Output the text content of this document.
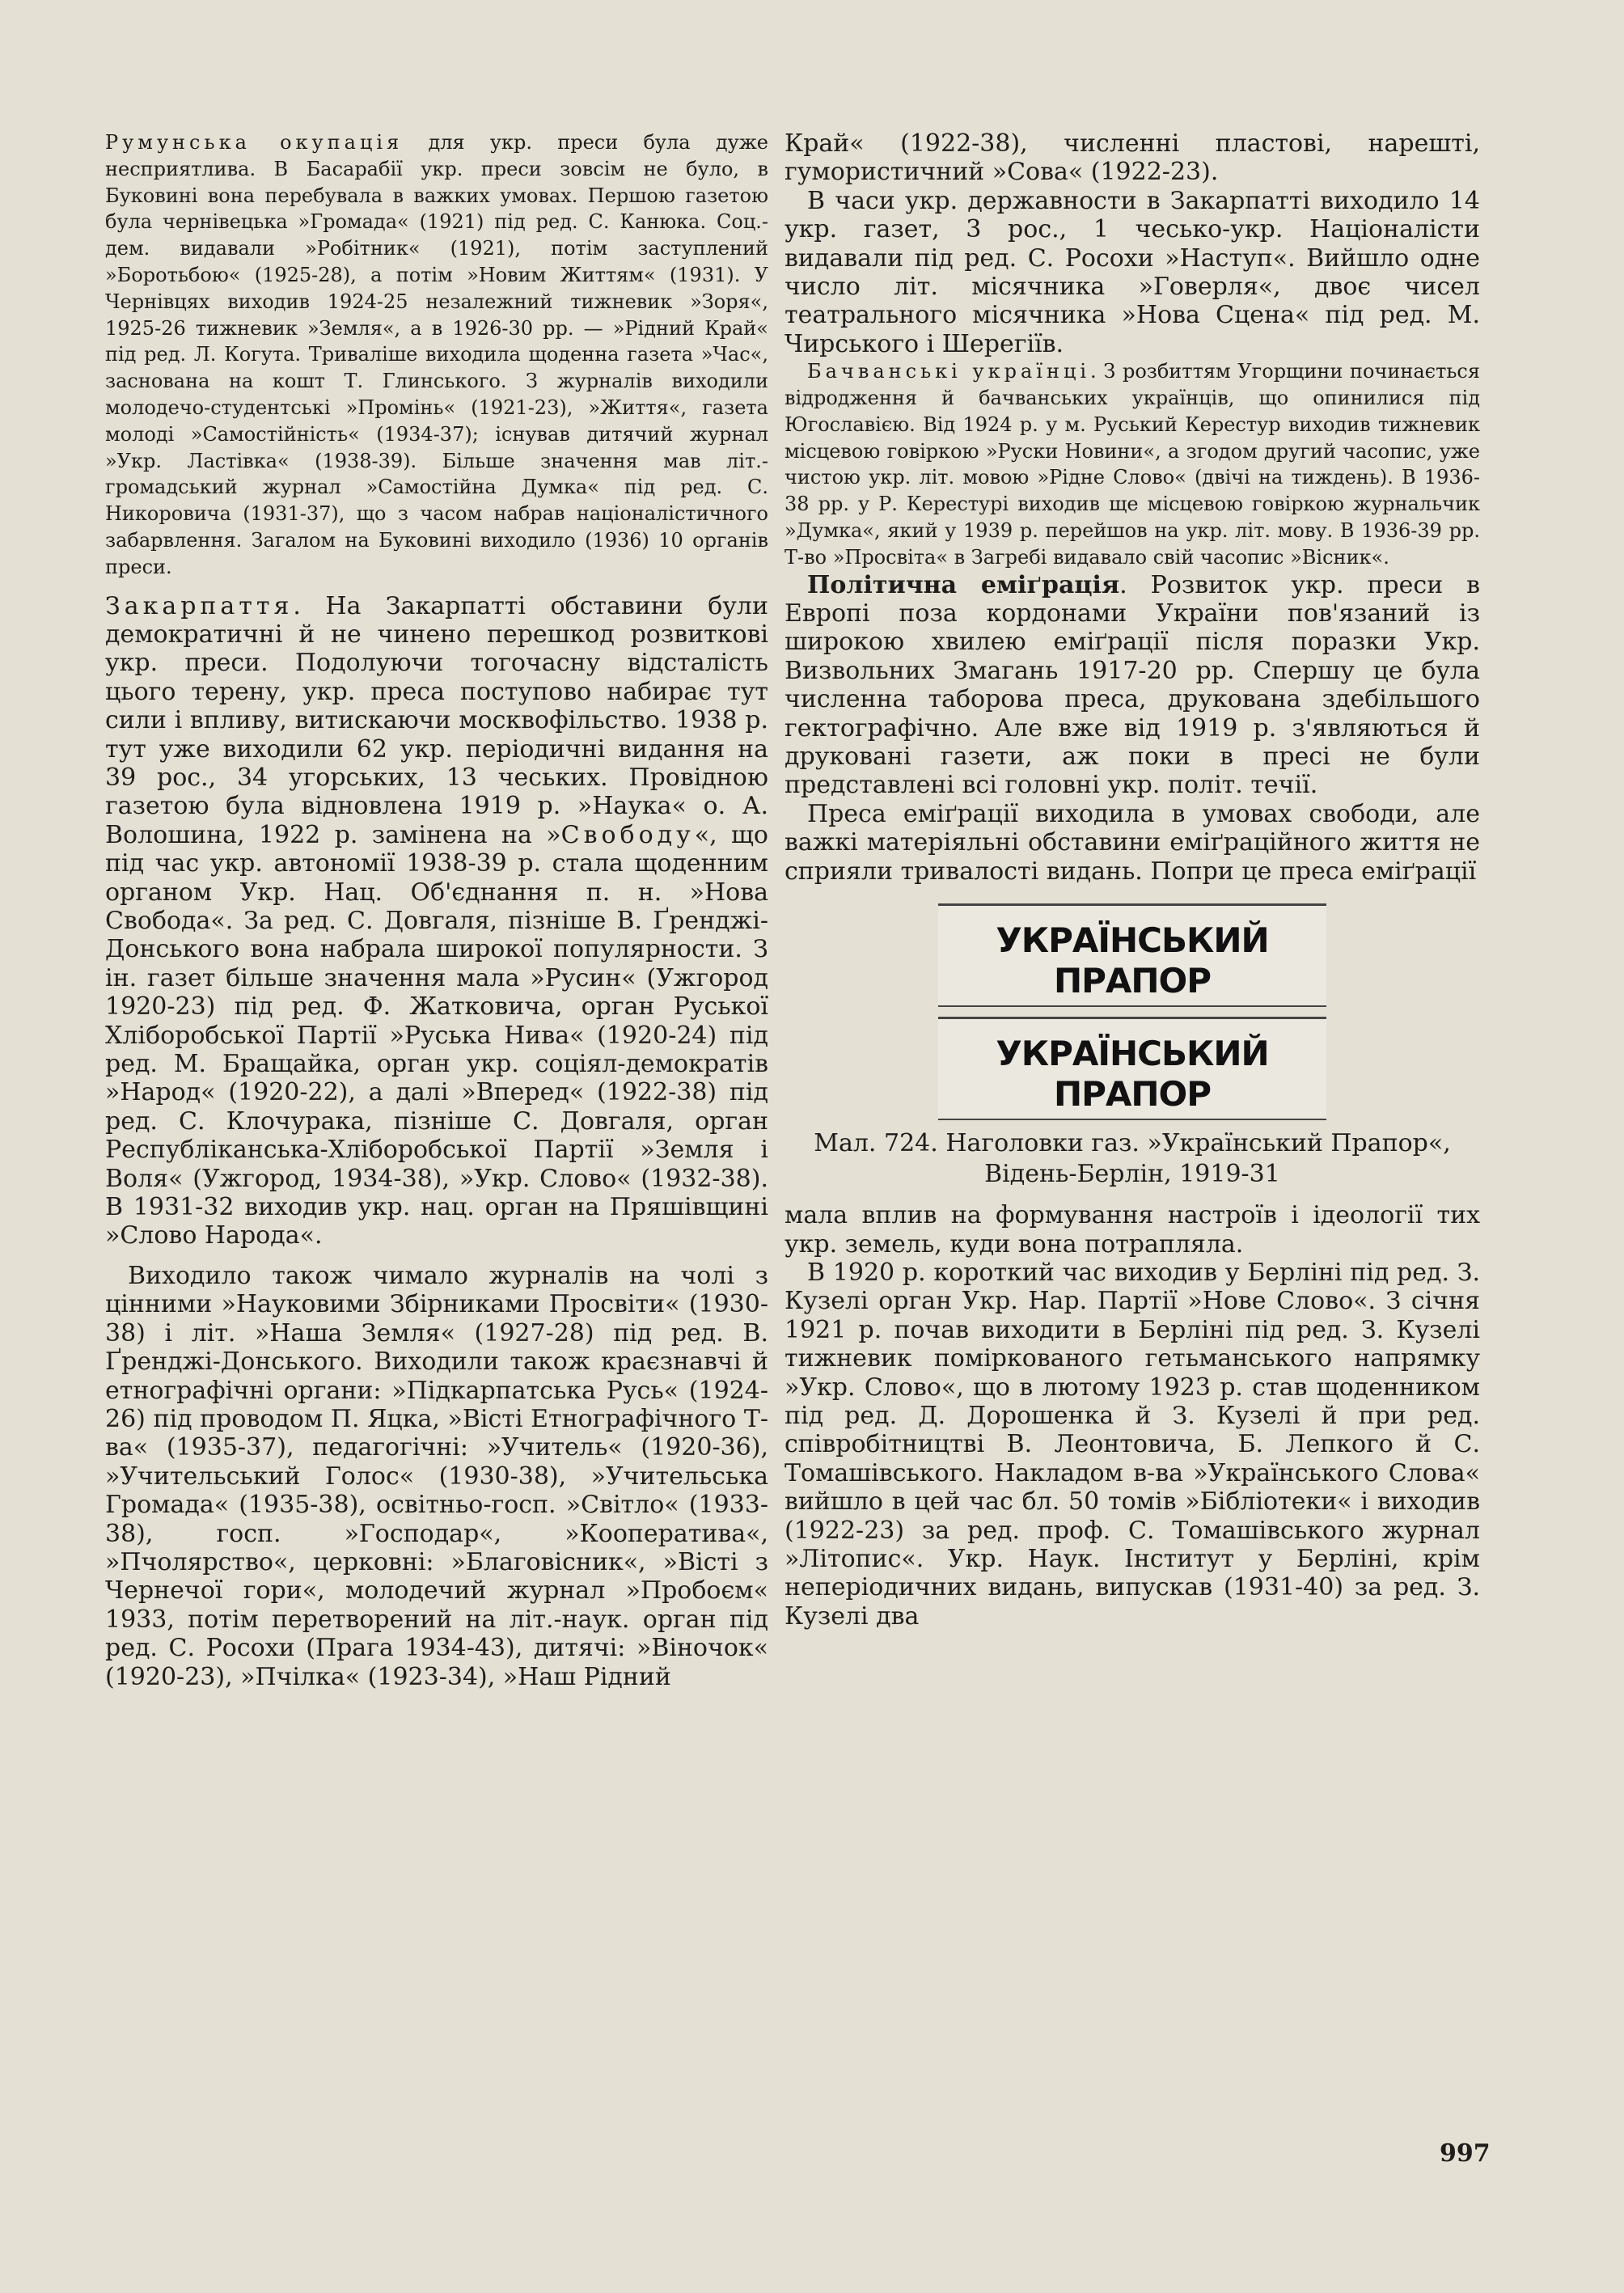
Румунська окупація для укр. преси була дуже несприятлива. В Басарабії укр. преси зовсім не було, в Буковині вона перебувала в важких умовах. Першою газетою була чернівецька »Громада« (1921) під ред. С. Канюка. Соц.-дем. видавали »Робітник« (1921), потім заступлений »Боротьбою« (1925-28), а потім »Новим Життям« (1931). У Чернівцях виходив 1924-25 незалежний тижневик »Зоря«, 1925-26 тижневик »Земля«, а в 1926-30 рр. — »Рідний Край« під ред. Л. Когута. Триваліше виходила щоденна газета »Час«, заснована на кошт Т. Глинського. З журналів виходили молодечо-студентські »Промінь« (1921-23), »Життя«, газета молоді »Самостійність« (1934-37); існував дитячий журнал »Укр. Ластівка« (1938-39). Більше значення мав літ.-громадський журнал »Самостійна Думка« під ред. С. Никоровича (1931-37), що з часом набрав націоналістичного забарвлення. Загалом на Буковині виходило (1936) 10 органів преси.

Закарпаття. На Закарпатті обставини були демократичні й не чинено перешкод розвиткові укр. преси. Подолуючи тогочасну відсталість цього терену, укр. преса поступово набирає тут сили і впливу, витискаючи москвофільство. 1938 р. тут уже виходили 62 укр. періодичні видання на 39 рос., 34 угорських, 13 чеських. Провідною газетою була відновлена 1919 р. »Наука« о. А. Волошина, 1922 р. замінена на »Свободу«, що під час укр. автономії 1938-39 р. стала щоденним органом Укр. Нац. Об'єднання п. н. »Нова Свобода«. За ред. С. Довгаля, пізніше В. Ґренджі-Донського вона набрала широкої популярности. З ін. газет більше значення мала »Русин« (Ужгород 1920-23) під ред. Ф. Жатковича, орган Руської Хліборобської Партії »Руська Нива« (1920-24) під ред. М. Бращайка, орган укр. соціял-демократів »Народ« (1920-22), а далі »Вперед« (1922-38) під ред. С. Клочурака, пізніше С. Довгаля, орган Республіканська-Хліборобської Партії »Земля і Воля« (Ужгород, 1934-38), »Укр. Слово« (1932-38). В 1931-32 виходив укр. нац. орган на Пряшівщині »Слово Народа«.

Виходило також чимало журналів на чолі з цінними »Науковими Збірниками Просвіти« (1930-38) і літ. »Наша Земля« (1927-28) під ред. В. Ґренджі-Донського. Виходили також краєзнавчі й етнографічні органи: »Підкарпатська Русь« (1924-26) під проводом П. Яцка, »Вісті Етнографічного Т-ва« (1935-37), педагогічні: »Учитель« (1920-36), »Учительський Голос« (1930-38), »Учительська Громада« (1935-38), освітньо-госп. »Світло« (1933-38), госп. »Господар«, »Кооператива«, »Пчолярство«, церковні: »Благовісник«, »Вісті з Чернечої гори«, молодечий журнал »Пробоєм« 1933, потім перетворений на літ.-наук. орган під ред. С. Росохи (Прага 1934-43), дитячі: »Віночок« (1920-23), »Пчілка« (1923-34), »Наш Рідний

Край« (1922-38), численні пластові, нарешті, гумористичний »Сова« (1922-23).

В часи укр. державности в Закарпатті виходило 14 укр. газет, 3 рос., 1 чесько-укр. Націоналісти видавали під ред. С. Росохи »Наступ«. Вийшло одне число літ. місячника »Говерля«, двоє чисел театрального місячника »Нова Сцена« під ред. М. Чирського і Шерегіїв.

Бачванські українці. З розбиттям Угорщини починається відродження й бачванських українців, що опинилися під Югославією. Від 1924 р. у м. Руський Керестур виходив тижневик місцевою говіркою »Руски Новини«, а згодом другий часопис, уже чистою укр. літ. мовою »Рідне Слово« (двічі на тиждень). В 1936-38 рр. у Р. Керестурі виходив ще місцевою говіркою журнальчик »Думка«, який у 1939 р. перейшов на укр. літ. мову. В 1936-39 рр. Т-во »Просвіта« в Загребі видавало свій часопис »Вісник«.

Політична еміґрація. Розвиток укр. преси в Европі поза кордонами України пов'язаний із широкою хвилею еміґрації після поразки Укр. Визвольних Змагань 1917-20 рр. Спершу це була численна таборова преса, друкована здебільшого гектографічно. Але вже від 1919 р. з'являються й друковані газети, аж поки в пресі не були представлені всі головні укр. політ. течії.

Преса еміґрації виходила в умовах свободи, але важкі матеріяльні обставини еміґраційного життя не сприяли тривалості видань. Попри це преса еміґрації

УКРАЇНСЬКИЙ
ПРАПОР
УКРАЇНСЬКИЙ
ПРАПОР
Мал. 724. Наголовки газ. »Український Прапор«, Відень-Берлін, 1919-31

мала вплив на формування настроїв і ідеології тих укр. земель, куди вона потрапляла.

В 1920 р. короткий час виходив у Берліні під ред. З. Кузелі орган Укр. Нар. Партії »Нове Слово«. З січня 1921 р. почав виходити в Берліні під ред. З. Кузелі тижневик поміркованого гетьманського напрямку »Укр. Слово«, що в лютому 1923 р. став щоденником під ред. Д. Дорошенка й З. Кузелі й при ред. співробітництві В. Леонтовича, Б. Лепкого й С. Томашівського. Накладом в-ва »Українського Слова« вийшло в цей час бл. 50 томів »Бібліотеки« і виходив (1922-23) за ред. проф. С. Томашівського журнал »Літопис«. Укр. Наук. Інститут у Берліні, крім неперіодичних видань, випускав (1931-40) за ред. З. Кузелі два

997
